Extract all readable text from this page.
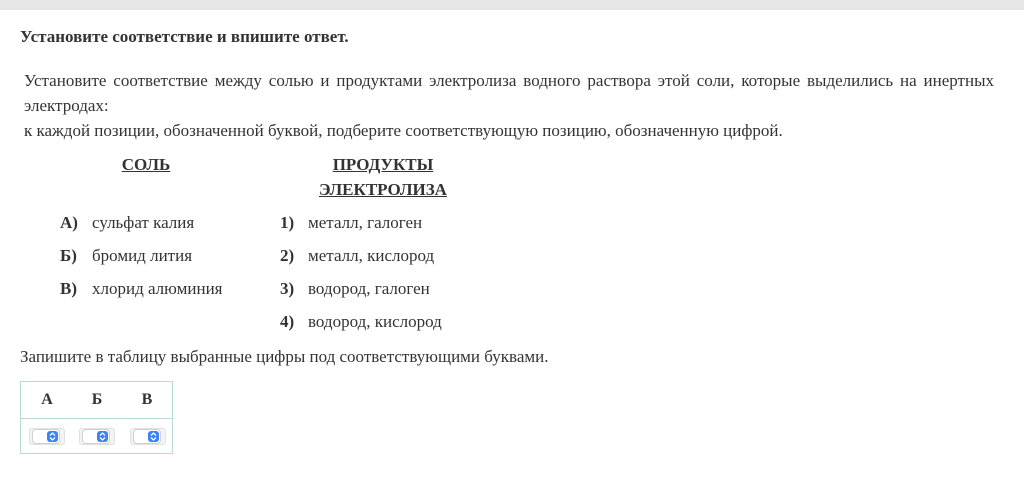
Установите соответствие и впишите ответ.

Установите соответствие между солью и продуктами электролиза водного раствора этой соли, которые выделились на инертных электродах:

к каждой позиции, обозначенной буквой, подберите соответствующую позицию, обозначенную цифрой.

СОЛЬ	ПРОДУКТЫ
ЭЛЕКТРОЛИЗА
А) сульфат калия
Б) бромид лития
В) хлорид алюминия
1) металл, галоген
2) металл, кислород
3) водород, галоген
4) водород, кислород
Запишите в таблицу выбранные цифры под соответствующими буквами.
А	Б	В
